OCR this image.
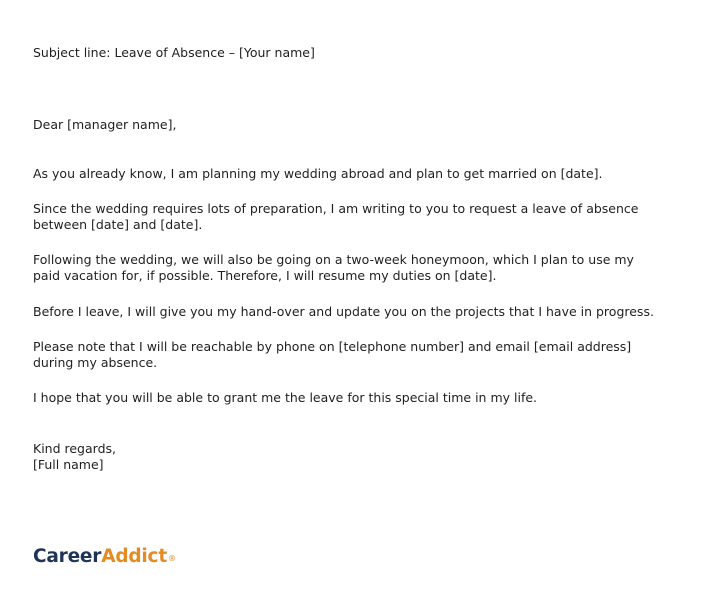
Subject line: Leave of Absence – [Your name]

Dear [manager name],

As you already know, I am planning my wedding abroad and plan to get married on [date].
Since the wedding requires lots of preparation, I am writing to you to request a leave of absence
between [date] and [date].
Following the wedding, we will also be going on a two-week honeymoon, which I plan to use my
paid vacation for, if possible. Therefore, I will resume my duties on [date].
Before I leave, I will give you my hand-over and update you on the projects that I have in progress.
Please note that I will be reachable by phone on [telephone number] and email [email address]
during my absence.
I hope that you will be able to grant me the leave for this special time in my life.
Kind regards,
[Full name]
CareerAddict®
